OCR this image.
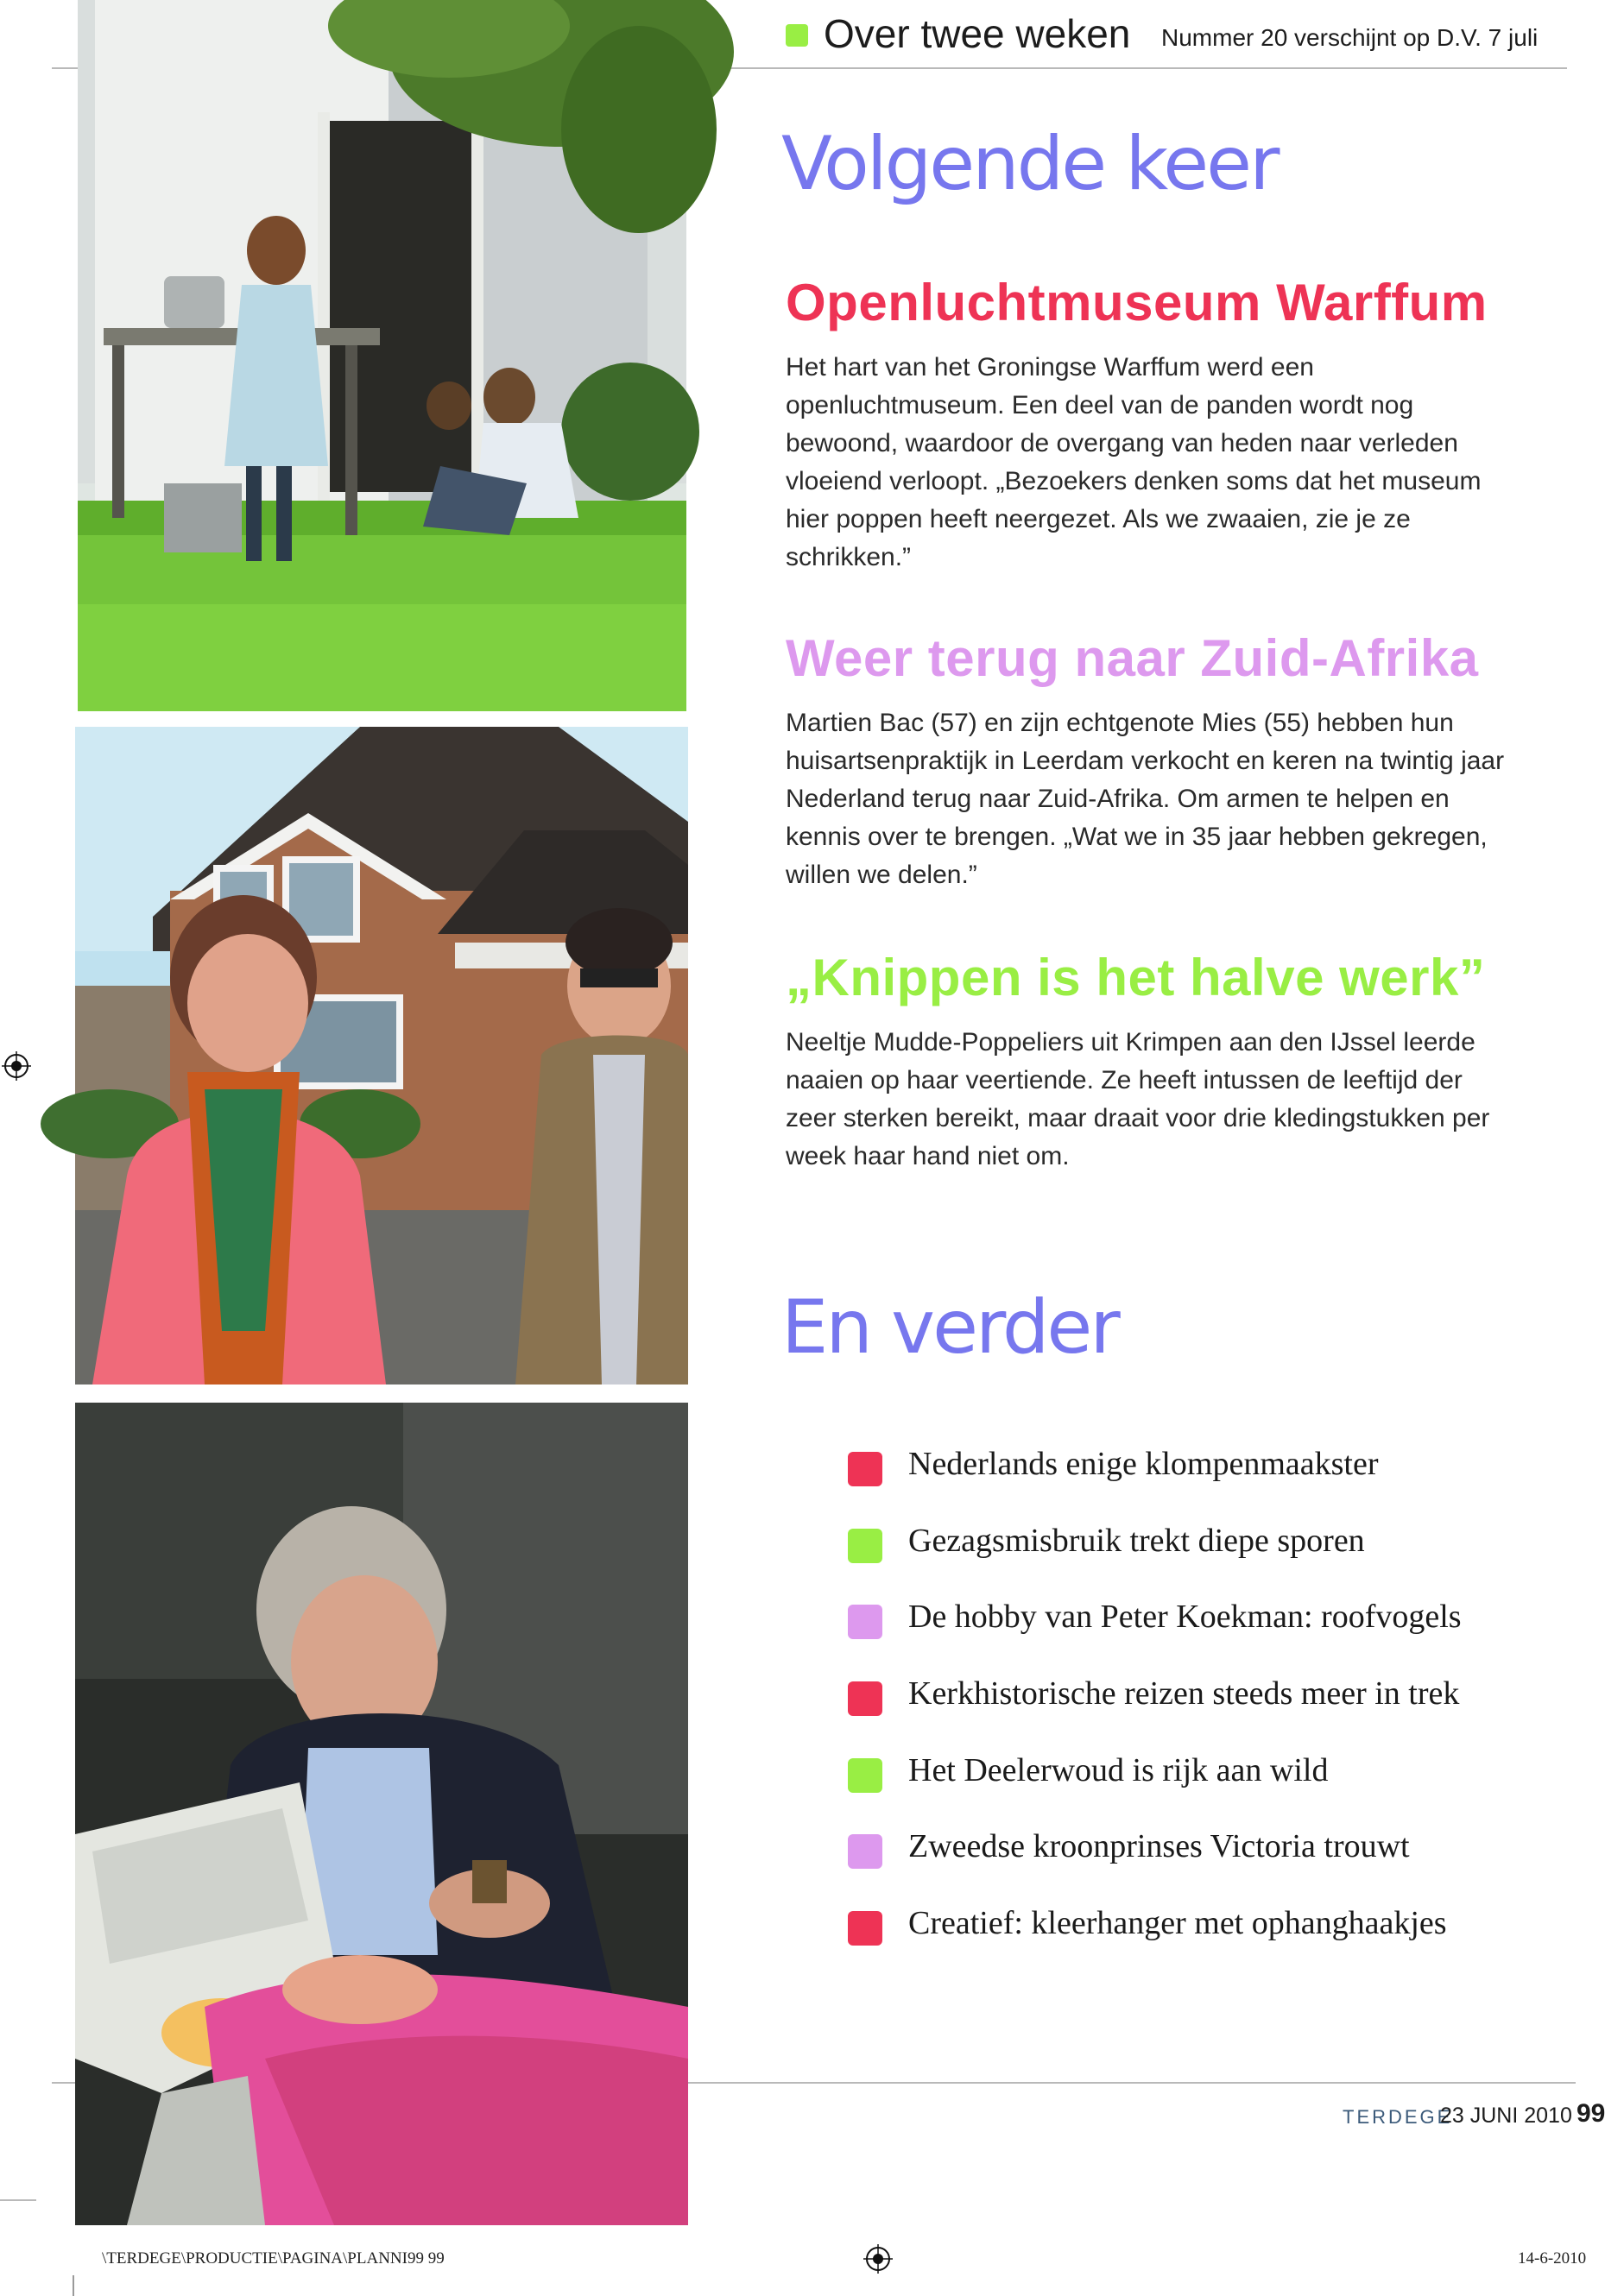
Over twee weken Nummer 20 verschijnt op D.V. 7 juli
Volgende keer
Openluchtmuseum Warffum
Het hart van het Groningse Warffum werd een openluchtmuseum. Een deel van de panden wordt nog bewoond, waardoor de overgang van heden naar verleden vloeiend verloopt. „Bezoekers denken soms dat het museum hier poppen heeft neergezet. Als we zwaaien, zie je ze schrikken.”
Weer terug naar Zuid-Afrika
Martien Bac (57) en zijn echtgenote Mies (55) hebben hun huisartsenpraktijk in Leerdam verkocht en keren na twintig jaar Nederland terug naar Zuid-Afrika. Om armen te helpen en kennis over te brengen. „Wat we in 35 jaar hebben gekregen, willen we delen.”
„Knippen is het halve werk”
Neeltje Mudde-Poppeliers uit Krimpen aan den IJssel leerde naaien op haar veertiende. Ze heeft intussen de leeftijd der zeer sterken bereikt, maar draait voor drie kledingstukken per week haar hand niet om.
En verder
Nederlands enige klompenmaakster
Gezagsmisbruik trekt diepe sporen
De hobby van Peter Koekman: roofvogels
Kerkhistorische reizen steeds meer in trek
Het Deelerwoud is rijk aan wild
Zweedse kroonprinses Victoria trouwt
Creatief: kleerhanger met ophanghaakjes
TERDEGE
23 JUNI 2010 99
\TERDEGE\PRODUCTIE\PAGINA\PLANNI99 99	14-6-2010
